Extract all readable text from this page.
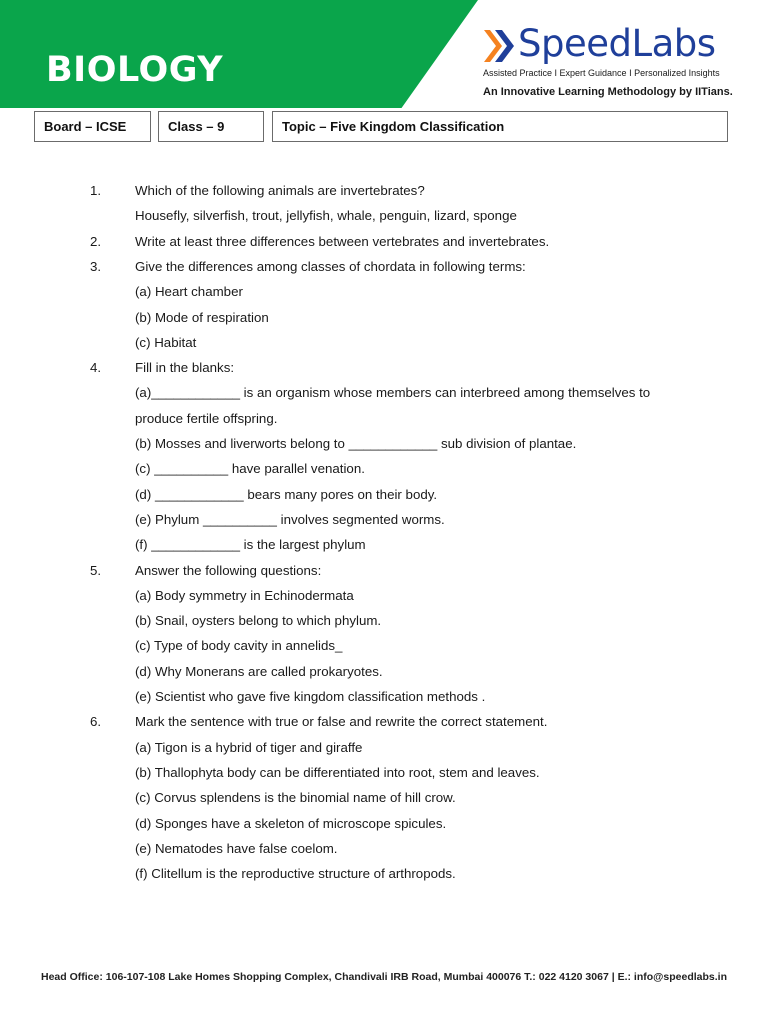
BIOLOGY
SpeedLabs
Assisted Practice I Expert Guidance I Personalized Insights
An Innovative Learning Methodology by IITians.
Board – ICSE	Class – 9	Topic – Five Kingdom Classification
1.	Which of the following animals are invertebrates?
Housefly, silverfish, trout, jellyfish, whale, penguin, lizard, sponge
2.	Write at least three differences between vertebrates and invertebrates.
3.	Give the differences among classes of chordata in following terms:
(a) Heart chamber
(b) Mode of respiration
(c) Habitat
4.	Fill in the blanks:
(a)____________ is an organism whose members can interbreed among themselves to
produce fertile offspring.
(b) Mosses and liverworts belong to ____________ sub division of plantae.
(c) __________ have parallel venation.
(d) ____________ bears many pores on their body.
(e) Phylum __________ involves segmented worms.
(f) ____________ is the largest phylum
5.	Answer the following questions:
(a) Body symmetry in Echinodermata
(b) Snail, oysters belong to which phylum.
(c) Type of body cavity in annelids_
(d) Why Monerans are called prokaryotes.
(e) Scientist who gave five kingdom classification methods .
6.	Mark the sentence with true or false and rewrite the correct statement.
(a) Tigon is a hybrid of tiger and giraffe
(b) Thallophyta body can be differentiated into root, stem and leaves.
(c) Corvus splendens is the binomial name of hill crow.
(d) Sponges have a skeleton of microscope spicules.
(e) Nematodes have false coelom.
(f) Clitellum is the reproductive structure of arthropods.
Head Office: 106-107-108 Lake Homes Shopping Complex, Chandivali IRB Road, Mumbai 400076 T.: 022 4120 3067 | E.: info@speedlabs.in
